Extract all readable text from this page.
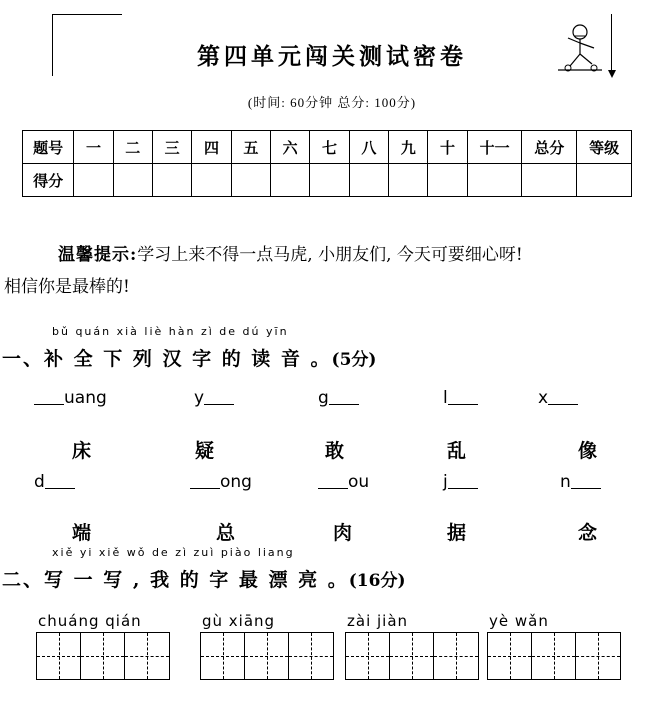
第四单元闯关测试密卷
(时间: 60分钟 总分: 100分)
题号	一	二	三	四	五	六	七	八	九	十	十一	总分	等级
得分													
温馨提示:学习上来不得一点马虎, 小朋友们, 今天可要细心呀!
相信你是最棒的!
bǔ quán xià liè hàn zì de dú yīn
一、补 全 下 列 汉 字 的 读 音 。(5分)
uang	y	g	l	x
床	疑	敢	乱	像
d	ong	ou	j	n
端	总	肉	据	念
xiě yi xiě wǒ de zì zuì piào liang
二、写 一 写 , 我 的 字 最 漂 亮 。(16分)
chuáng qián	gù xiāng	zài jiàn	yè wǎn
